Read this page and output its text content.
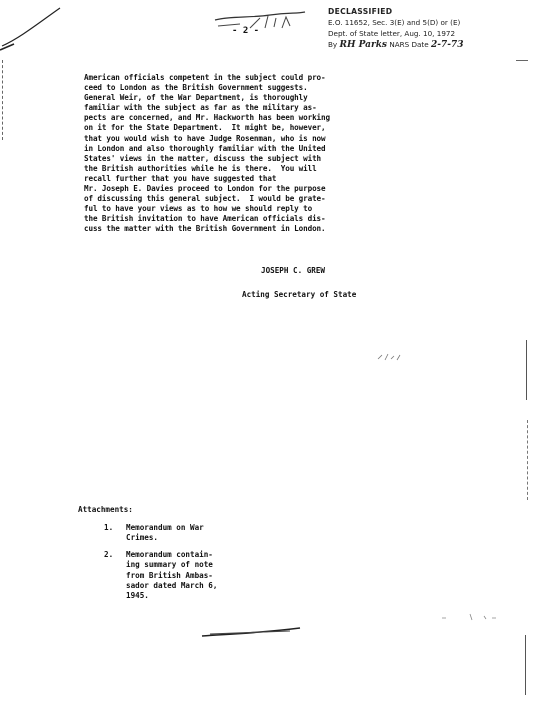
- 2 -
DECLASSIFIED
E.O. 11652, Sec. 3(E) and 5(D) or (E)
Dept. of State letter, Aug. 10, 1972
By RH Parks NARS Date 2-7-73

American officials competent in the subject could pro-
ceed to London as the British Government suggests.
General Weir, of the War Department, is thoroughly
familiar with the subject as far as the military as-
pects are concerned, and Mr. Hackworth has been working
on it for the State Department.  It might be, however,
that you would wish to have Judge Rosenman, who is now
in London and also thoroughly familiar with the United
States' views in the matter, discuss the subject with
the British authorities while he is there.  You will
recall further that you have suggested that
Mr. Joseph E. Davies proceed to London for the purpose
of discussing this general subject.  I would be grate-
ful to have your views as to how we should reply to
the British invitation to have American officials dis-
cuss the matter with the British Government in London.

JOSEPH C. GREW
Acting Secretary of State
Attachments:
1.	Memorandum on War
Crimes.
2.	Memorandum contain-
ing summary of note
from British Ambas-
sador dated March 6,
1945.
